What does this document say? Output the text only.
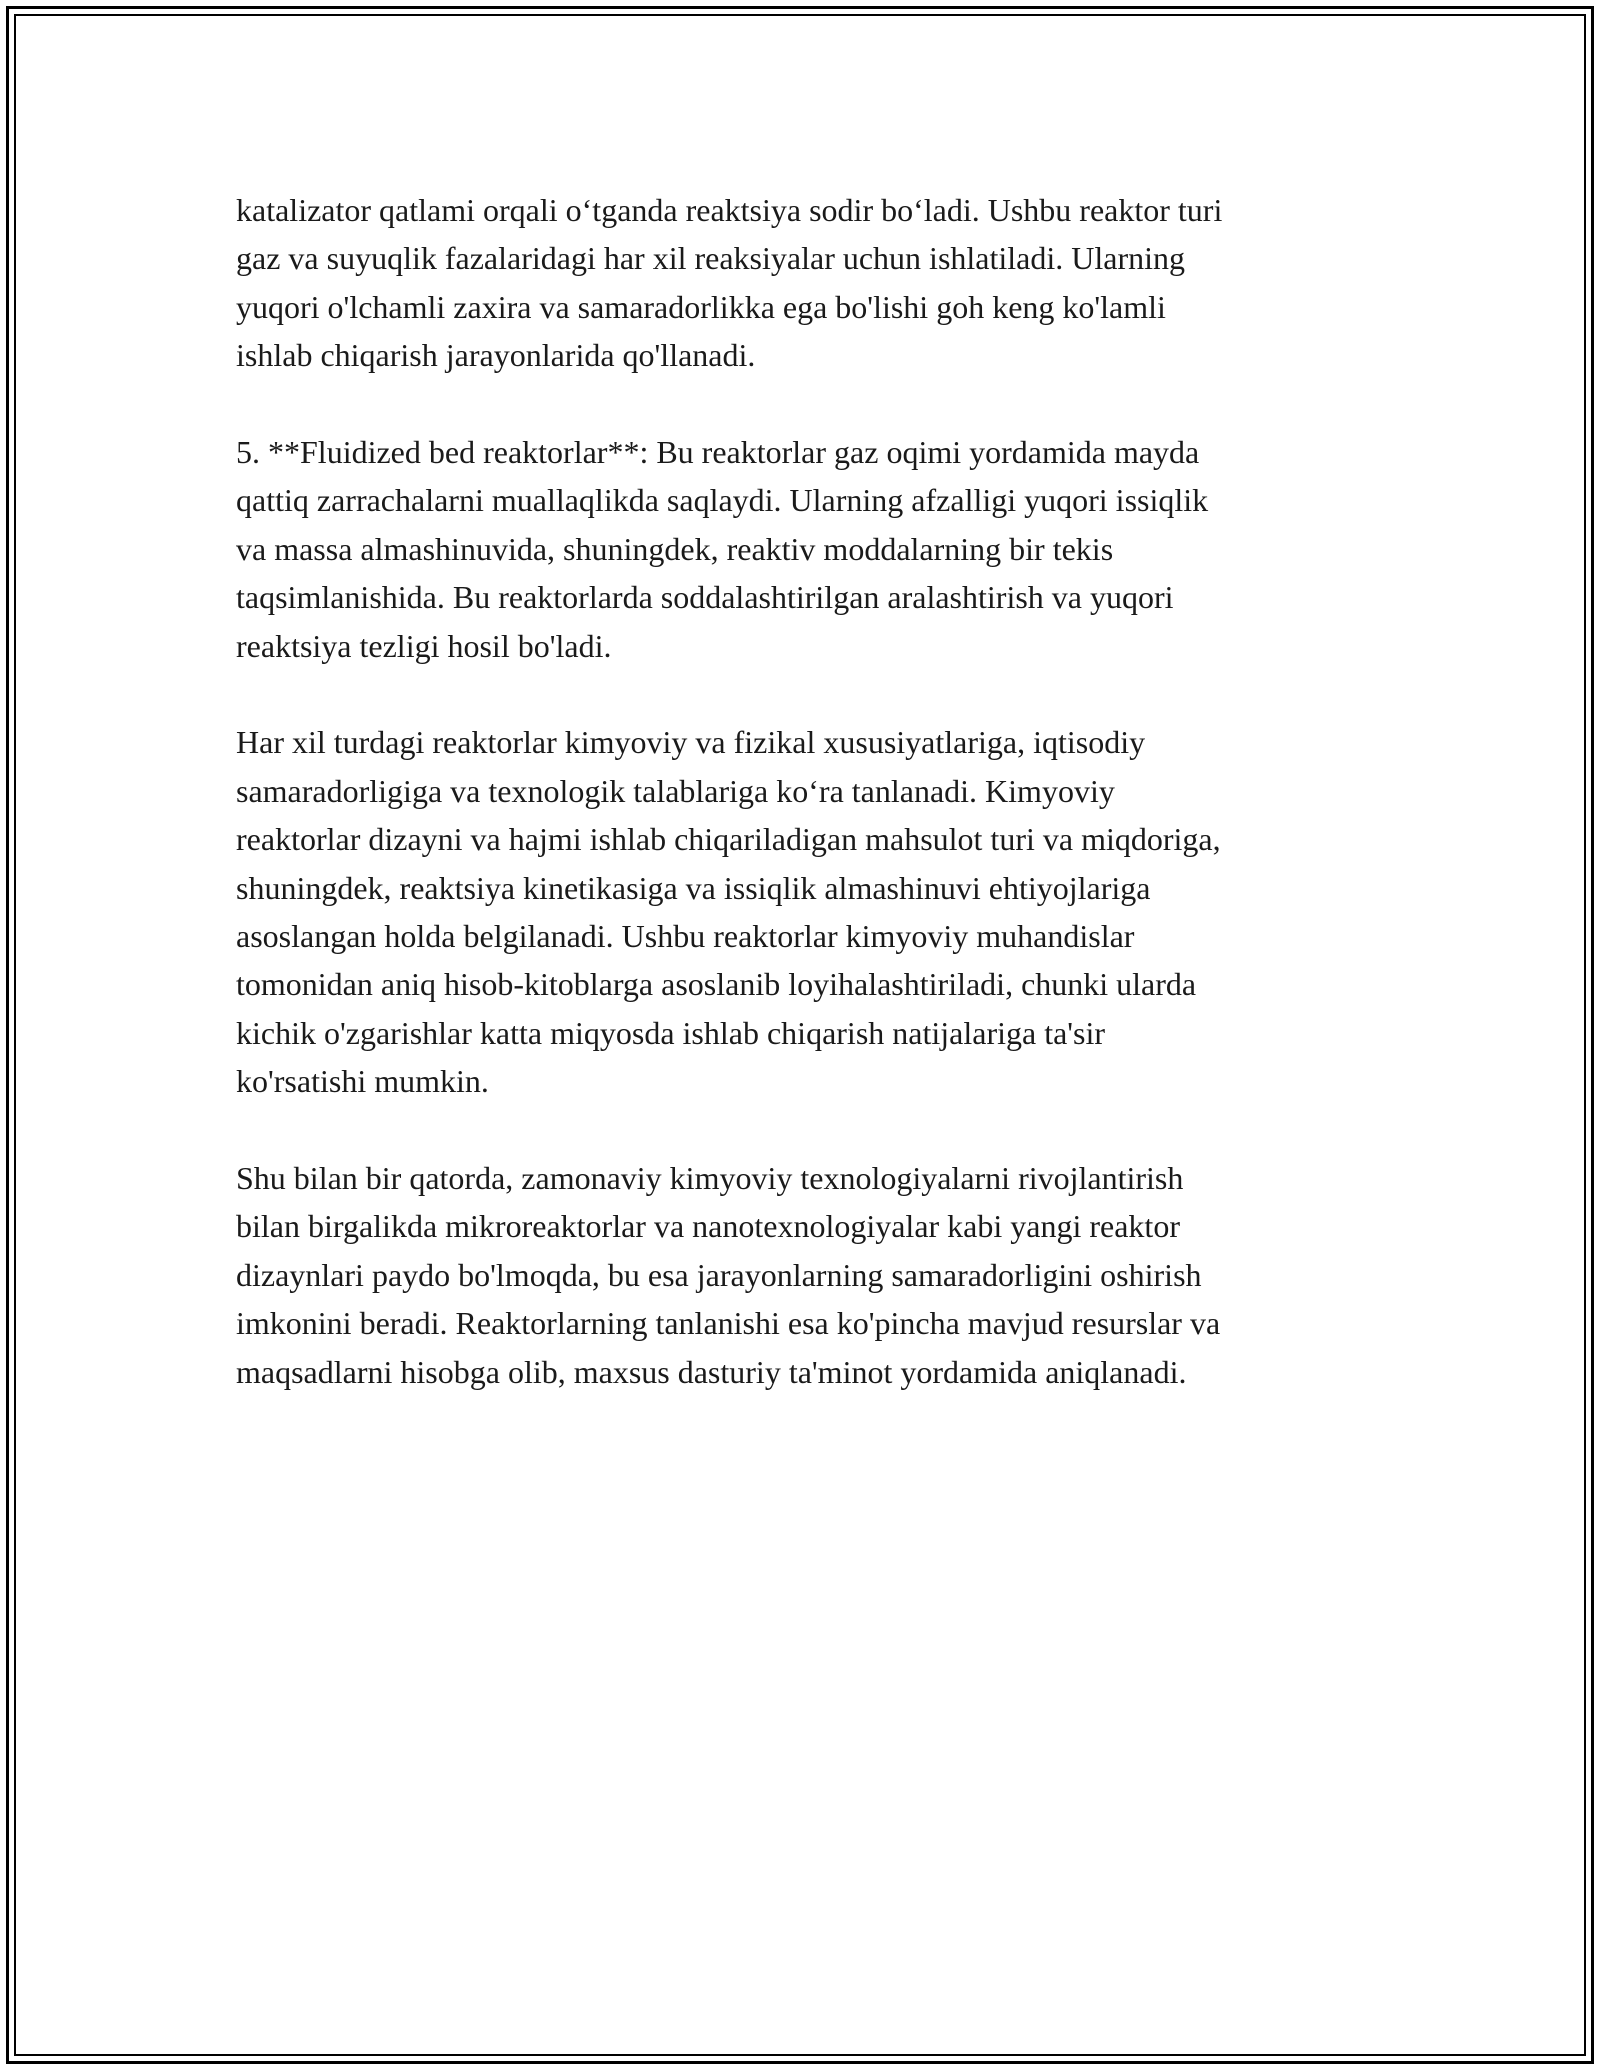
katalizator qatlami orqali o‘tganda reaktsiya sodir bo‘ladi. Ushbu reaktor turi
gaz va suyuqlik fazalaridagi har xil reaksiyalar uchun ishlatiladi. Ularning
yuqori o'lchamli zaxira va samaradorlikka ega bo'lishi goh keng ko'lamli
ishlab chiqarish jarayonlarida qo'llanadi.

5. **Fluidized bed reaktorlar**: Bu reaktorlar gaz oqimi yordamida mayda
qattiq zarrachalarni muallaqlikda saqlaydi. Ularning afzalligi yuqori issiqlik
va massa almashinuvida, shuningdek, reaktiv moddalarning bir tekis
taqsimlanishida. Bu reaktorlarda soddalashtirilgan aralashtirish va yuqori
reaktsiya tezligi hosil bo'ladi.

Har xil turdagi reaktorlar kimyoviy va fizikal xususiyatlariga, iqtisodiy
samaradorligiga va texnologik talablariga ko‘ra tanlanadi. Kimyoviy
reaktorlar dizayni va hajmi ishlab chiqariladigan mahsulot turi va miqdoriga,
shuningdek, reaktsiya kinetikasiga va issiqlik almashinuvi ehtiyojlariga
asoslangan holda belgilanadi. Ushbu reaktorlar kimyoviy muhandislar
tomonidan aniq hisob-kitoblarga asoslanib loyihalashtiriladi, chunki ularda
kichik o'zgarishlar katta miqyosda ishlab chiqarish natijalariga ta'sir
ko'rsatishi mumkin.

Shu bilan bir qatorda, zamonaviy kimyoviy texnologiyalarni rivojlantirish
bilan birgalikda mikroreaktorlar va nanotexnologiyalar kabi yangi reaktor
dizaynlari paydo bo'lmoqda, bu esa jarayonlarning samaradorligini oshirish
imkonini beradi. Reaktorlarning tanlanishi esa ko'pincha mavjud resurslar va
maqsadlarni hisobga olib, maxsus dasturiy ta'minot yordamida aniqlanadi.
